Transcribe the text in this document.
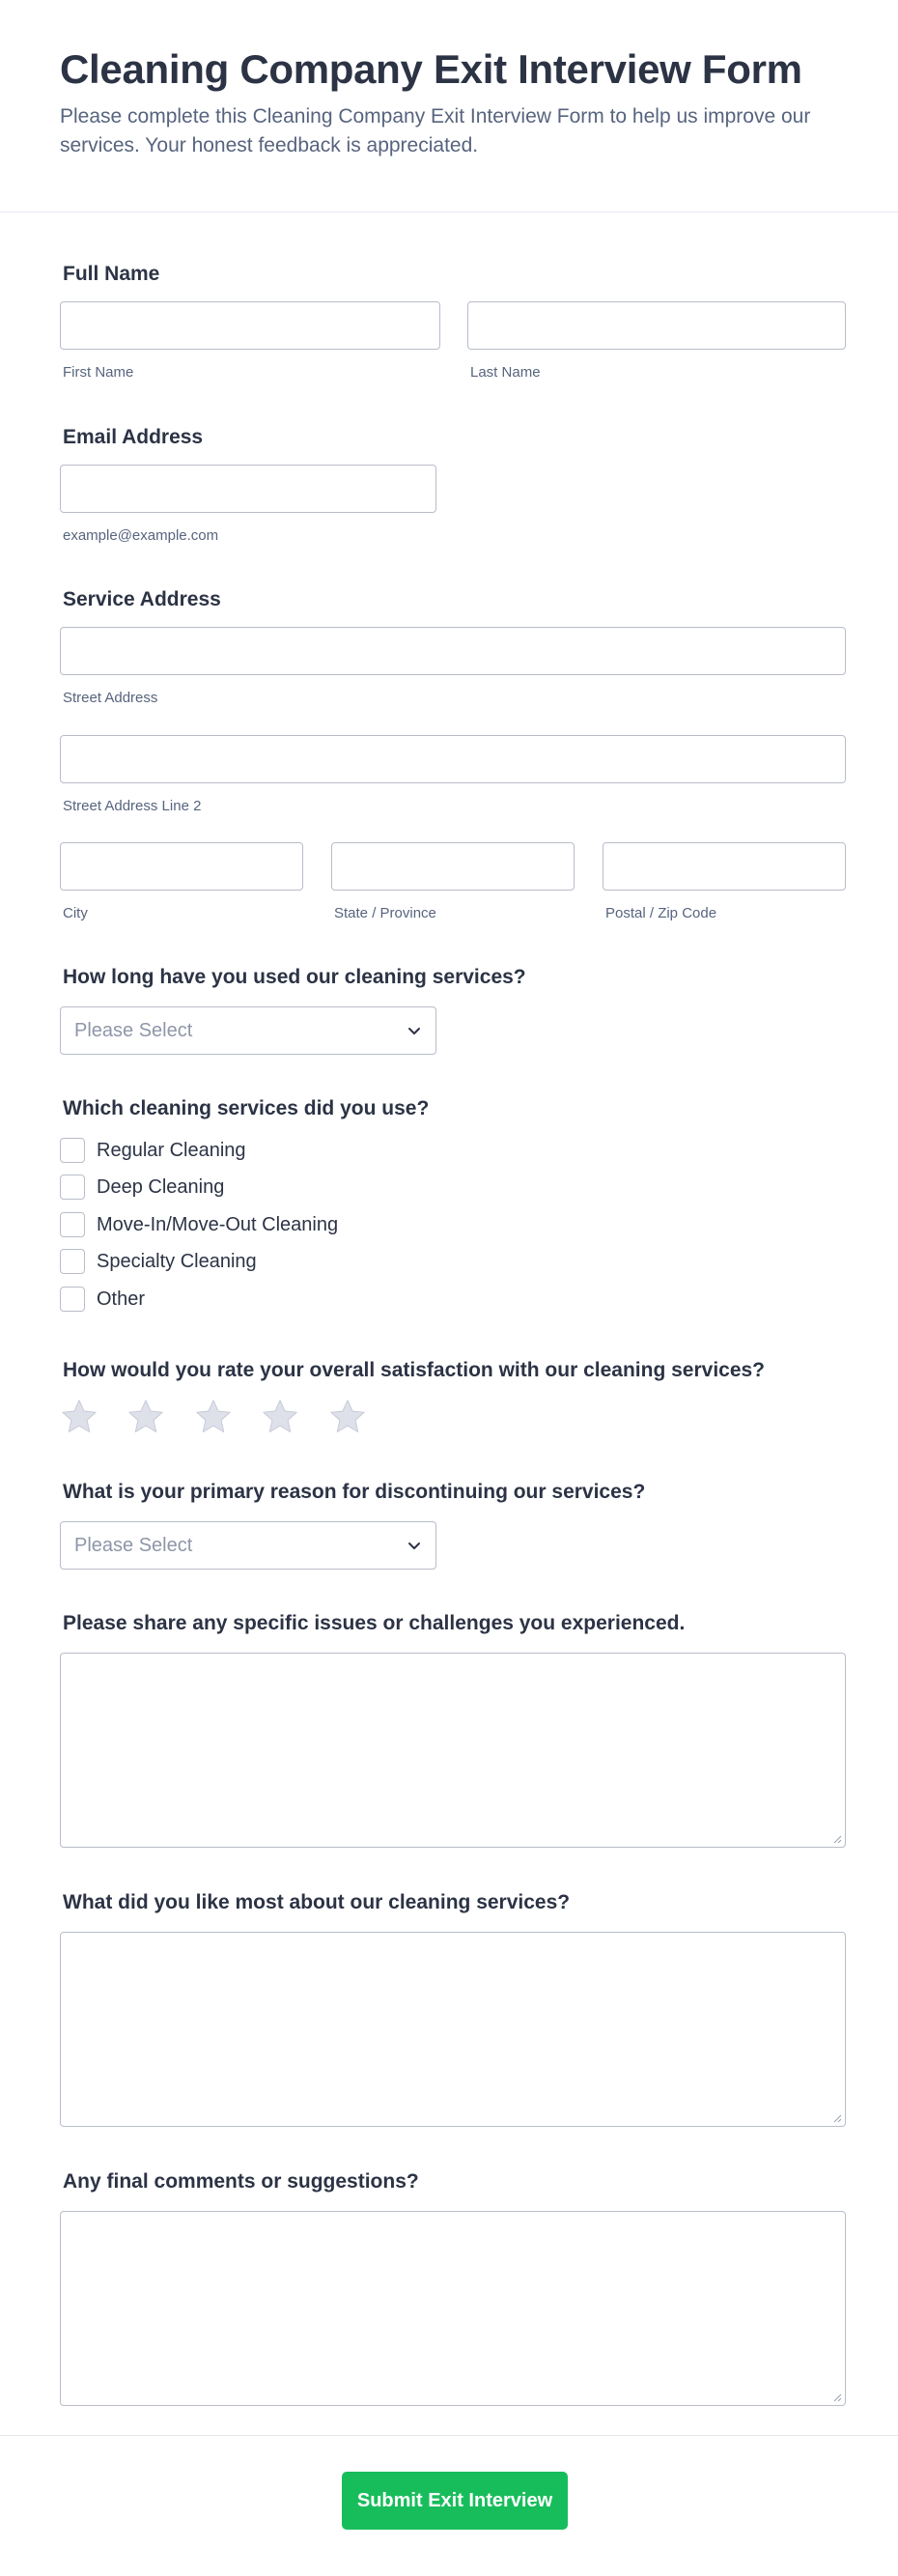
Cleaning Company Exit Interview Form
Please complete this Cleaning Company Exit Interview Form to help us improve our services. Your honest feedback is appreciated.
Full Name
First Name	Last Name
Email Address
example@example.com
Service Address
Street Address
Street Address Line 2
City	State / Province	Postal / Zip Code
How long have you used our cleaning services?
Please Select
Which cleaning services did you use?
Regular Cleaning
Deep Cleaning
Move-In/Move-Out Cleaning
Specialty Cleaning
Other
How would you rate your overall satisfaction with our cleaning services?
What is your primary reason for discontinuing our services?
Please Select
Please share any specific issues or challenges you experienced.
What did you like most about our cleaning services?
Any final comments or suggestions?
Submit Exit Interview
